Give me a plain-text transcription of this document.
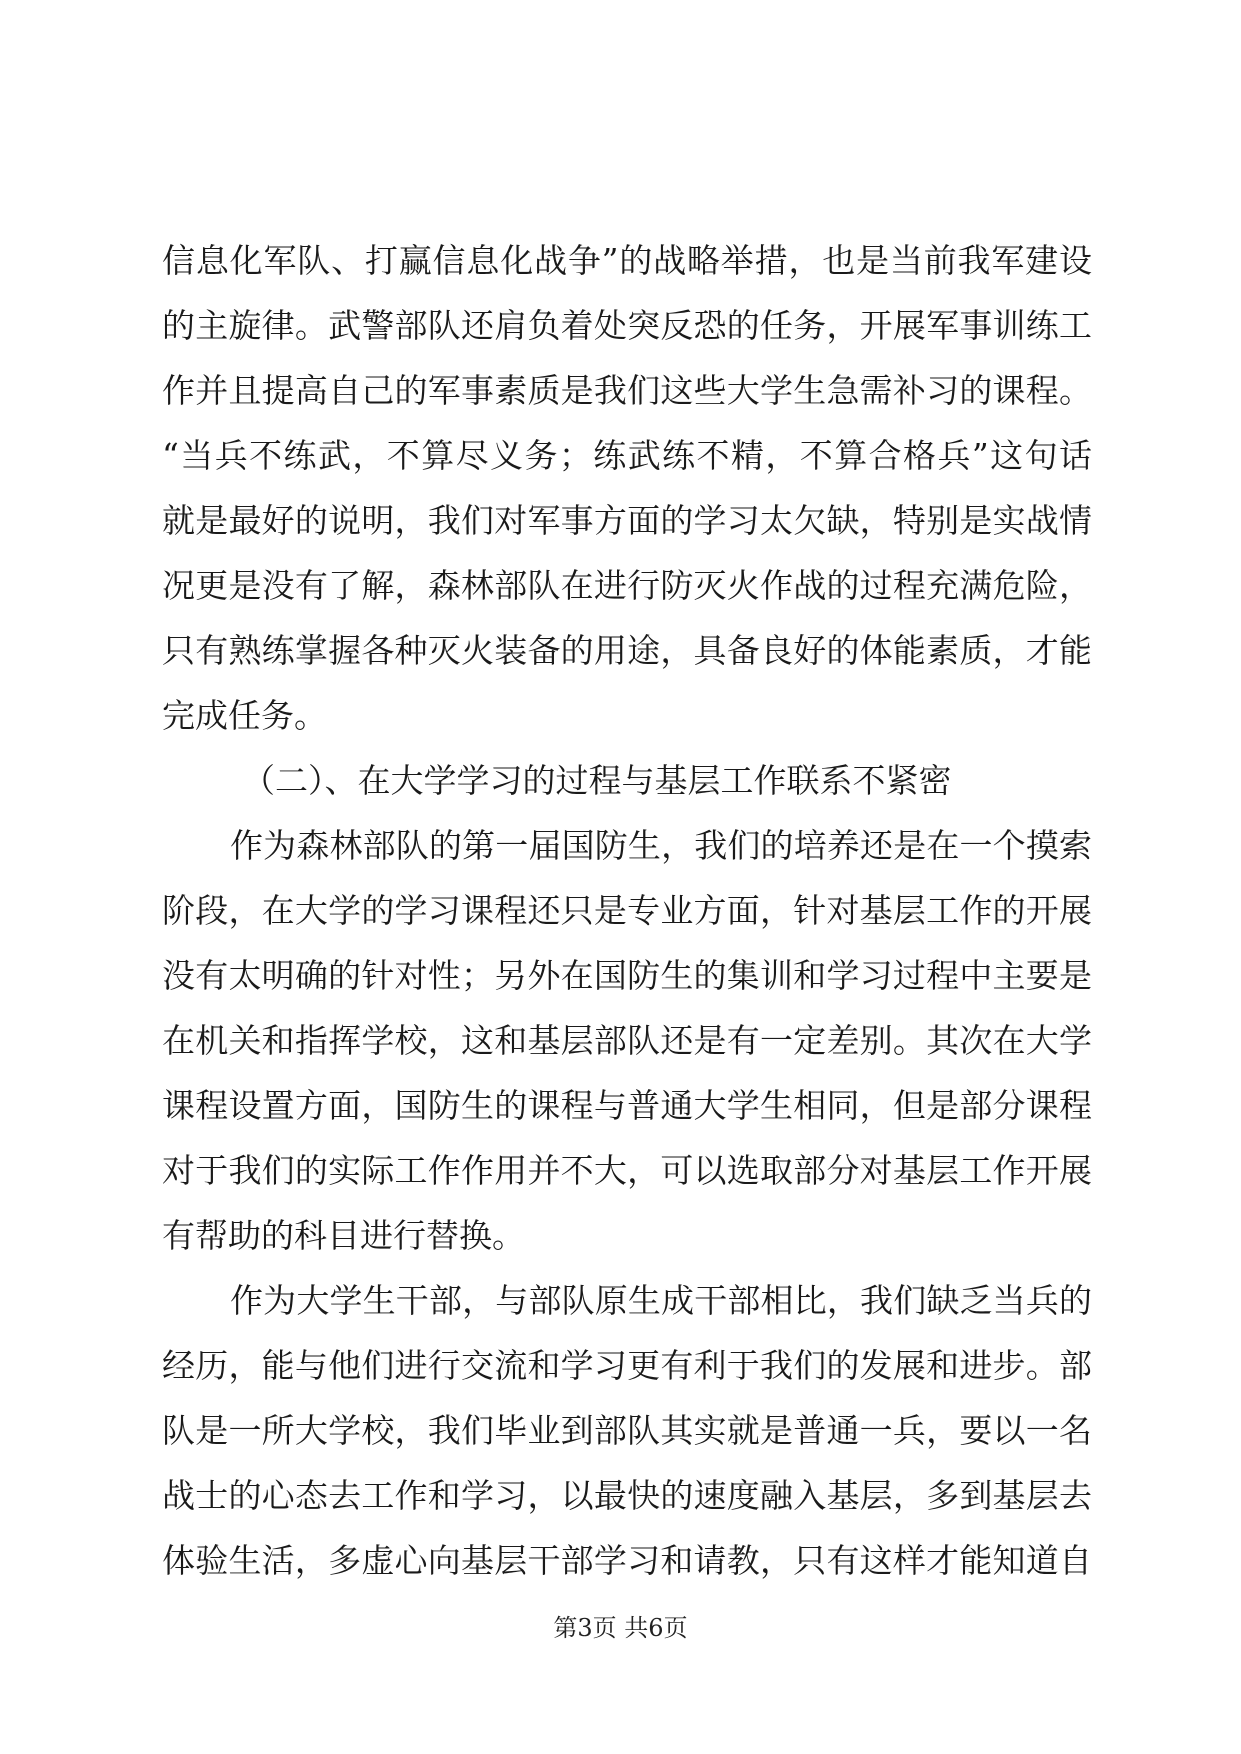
信息化军队、打赢信息化战争”的战略举措，也是当前我军建设
的主旋律。武警部队还肩负着处突反恐的任务，开展军事训练工
作并且提高自己的军事素质是我们这些大学生急需补习的课程。
“当兵不练武，不算尽义务；练武练不精，不算合格兵”这句话
就是最好的说明，我们对军事方面的学习太欠缺，特别是实战情
况更是没有了解，森林部队在进行防灭火作战的过程充满危险，
只有熟练掌握各种灭火装备的用途，具备良好的体能素质，才能
完成任务。
（二）、在大学学习的过程与基层工作联系不紧密
作为森林部队的第一届国防生，我们的培养还是在一个摸索
阶段，在大学的学习课程还只是专业方面，针对基层工作的开展
没有太明确的针对性；另外在国防生的集训和学习过程中主要是
在机关和指挥学校，这和基层部队还是有一定差别。其次在大学
课程设置方面，国防生的课程与普通大学生相同，但是部分课程
对于我们的实际工作作用并不大，可以选取部分对基层工作开展
有帮助的科目进行替换。
作为大学生干部，与部队原生成干部相比，我们缺乏当兵的
经历，能与他们进行交流和学习更有利于我们的发展和进步。部
队是一所大学校，我们毕业到部队其实就是普通一兵，要以一名
战士的心态去工作和学习，以最快的速度融入基层，多到基层去
体验生活，多虚心向基层干部学习和请教，只有这样才能知道自
第3页 共6页
